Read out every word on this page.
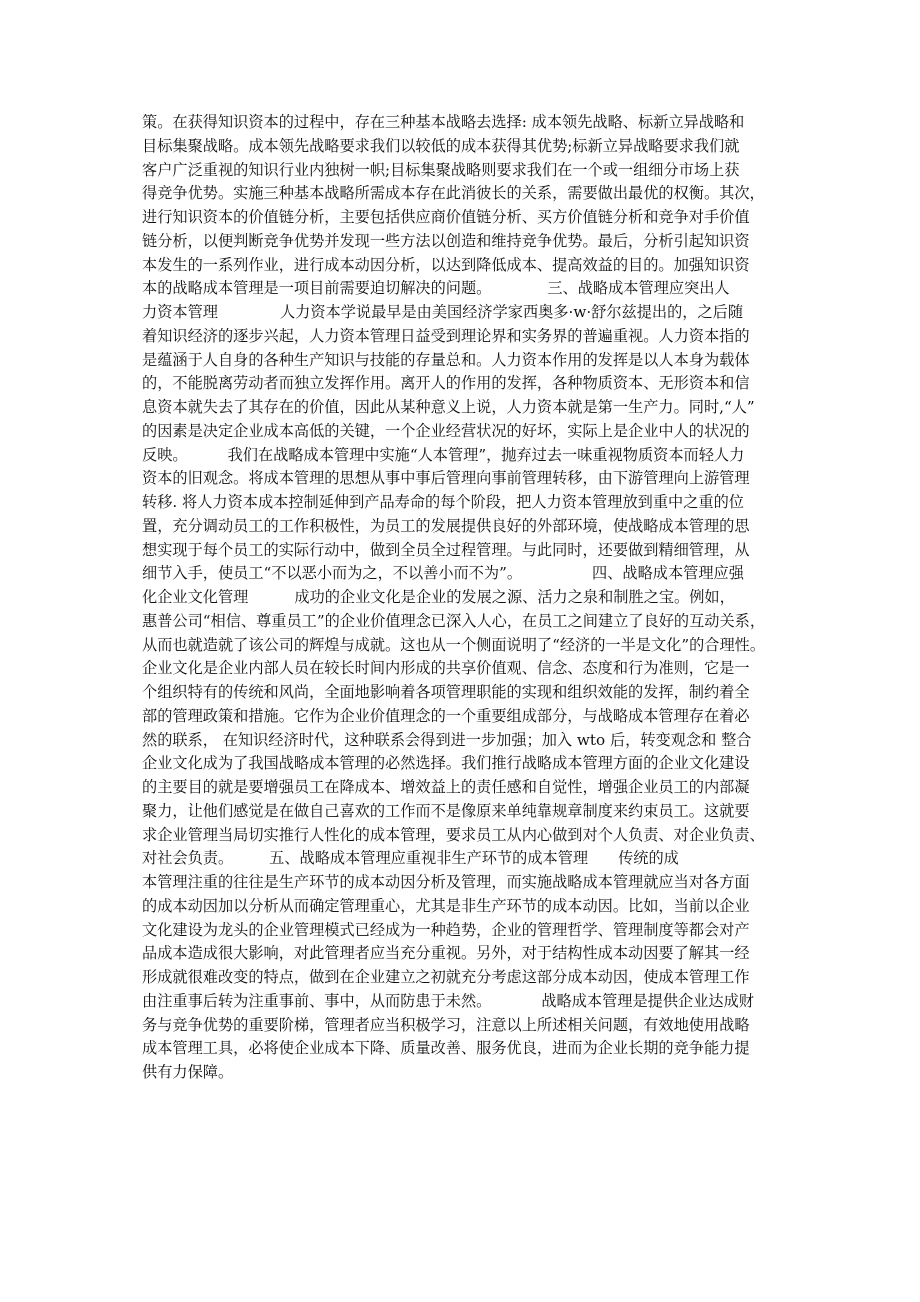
策。在获得知识资本的过程中，存在三种基本战略去选择: 成本领先战略、标新立异战略和
目标集聚战略。成本领先战略要求我们以较低的成本获得其优势;标新立异战略要求我们就
客户广泛重视的知识行业内独树一帜;目标集聚战略则要求我们在一个或一组细分市场上获
得竞争优势。实施三种基本战略所需成本存在此消彼长的关系，需要做出最优的权衡。其次，
进行知识资本的价值链分析，主要包括供应商价值链分析、买方价值链分析和竞争对手价值
链分析，以便判断竞争优势并发现一些方法以创造和维持竞争优势。最后，分析引起知识资
本发生的一系列作业，进行成本动因分析，以达到降低成本、提高效益的目的。加强知识资
本的战略成本管理是一项目前需要迫切解决的问题。	三、战略成本管理应突出人
力资本管理	人力资本学说最早是由美国经济学家西奥多·w·舒尔兹提出的，之后随
着知识经济的逐步兴起，人力资本管理日益受到理论界和实务界的普遍重视。人力资本指的
是蕴涵于人自身的各种生产知识与技能的存量总和。人力资本作用的发挥是以人本身为载体
的，不能脱离劳动者而独立发挥作用。离开人的作用的发挥，各种物质资本、无形资本和信
息资本就失去了其存在的价值，因此从某种意义上说，人力资本就是第一生产力。同时,“人”
的因素是决定企业成本高低的关键，一个企业经营状况的好坏，实际上是企业中人的状况的
反映。	我们在战略成本管理中实施“人本管理”，抛弃过去一味重视物质资本而轻人力
资本的旧观念。将成本管理的思想从事中事后管理向事前管理转移，由下游管理向上游管理
转移. 将人力资本成本控制延伸到产品寿命的每个阶段，把人力资本管理放到重中之重的位
置，充分调动员工的工作积极性，为员工的发展提供良好的外部环境，使战略成本管理的思
想实现于每个员工的实际行动中，做到全员全过程管理。与此同时，还要做到精细管理，从
细节入手，使员工“不以恶小而为之，不以善小而不为”。	四、战略成本管理应强
化企业文化管理	成功的企业文化是企业的发展之源、活力之泉和制胜之宝。例如，
惠普公司“相信、尊重员工”的企业价值理念已深入人心，在员工之间建立了良好的互动关系，
从而也就造就了该公司的辉煌与成就。这也从一个侧面说明了“经济的一半是文化”的合理性。
企业文化是企业内部人员在较长时间内形成的共享价值观、信念、态度和行为准则，它是一
个组织特有的传统和风尚，全面地影响着各项管理职能的实现和组织效能的发挥，制约着全
部的管理政策和措施。它作为企业价值理念的一个重要组成部分，与战略成本管理存在着必
然的联系， 在知识经济时代，这种联系会得到进一步加强；加入 wto 后，转变观念和 整合
企业文化成为了我国战略成本管理的必然选择。我们推行战略成本管理方面的企业文化建设
的主要目的就是要增强员工在降成本、增效益上的责任感和自觉性，增强企业员工的内部凝
聚力，让他们感觉是在做自己喜欢的工作而不是像原来单纯靠规章制度来约束员工。这就要
求企业管理当局切实推行人性化的成本管理，要求员工从内心做到对个人负责、对企业负责、
对社会负责。 五、战略成本管理应重视非生产环节的成本管理 传统的成
本管理注重的往往是生产环节的成本动因分析及管理，而实施战略成本管理就应当对各方面
的成本动因加以分析从而确定管理重心，尤其是非生产环节的成本动因。比如，当前以企业
文化建设为龙头的企业管理模式已经成为一种趋势，企业的管理哲学、管理制度等都会对产
品成本造成很大影响，对此管理者应当充分重视。另外，对于结构性成本动因要了解其一经
形成就很难改变的特点，做到在企业建立之初就充分考虑这部分成本动因，使成本管理工作
由注重事后转为注重事前、事中，从而防患于未然。	战略成本管理是提供企业达成财
务与竞争优势的重要阶梯，管理者应当积极学习，注意以上所述相关问题，有效地使用战略
成本管理工具，必将使企业成本下降、质量改善、服务优良，进而为企业长期的竞争能力提
供有力保障。
